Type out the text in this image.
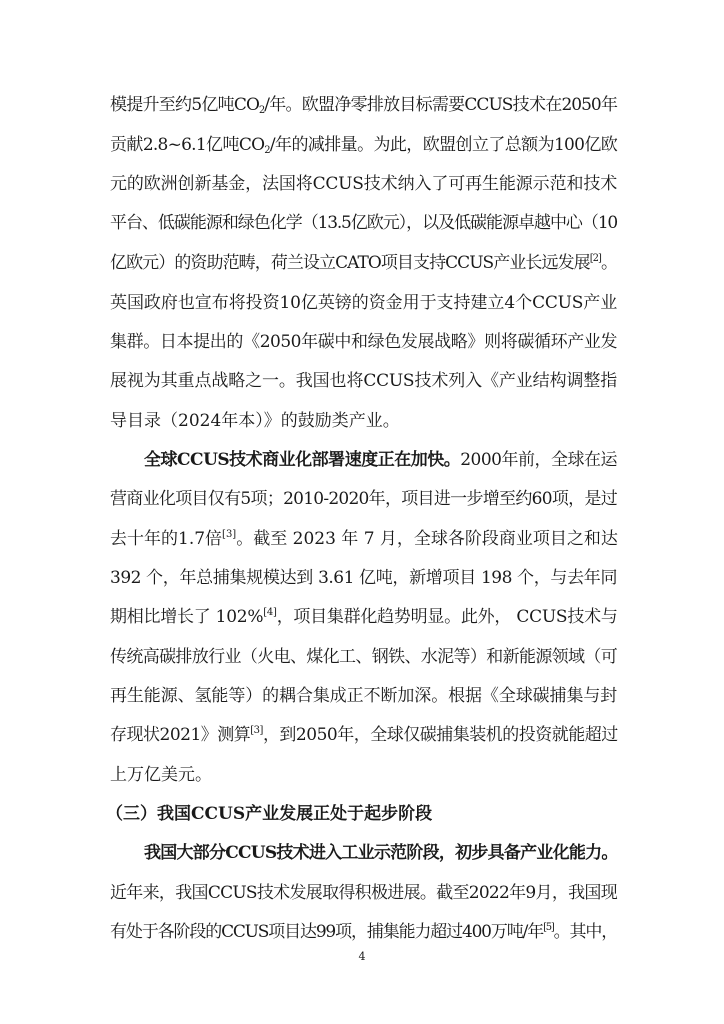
模提升至约5亿吨$CO_2/$年。欧盟净零排放目标需要CCUS技术在2050年
贡献2.8~6.1亿吨$CO_2/$年的减排量。为此，欧盟创立了总额为100亿欧
元的欧洲创新基金，法国将CCUS技术纳入了可再生能源示范和技术
平台、低碳能源和绿色化学（13.5亿欧元），以及低碳能源卓越中心（10
亿欧元）的资助范畴，荷兰设立CATO项目支持CCUS产业长远发展[2]。
英国政府也宣布将投资10亿英镑的资金用于支持建立4个CCUS产业
集群。日本提出的《2050年碳中和绿色发展战略》则将碳循环产业发
展视为其重点战略之一。我国也将CCUS技术列入《产业结构调整指
导目录（2024年本）》的鼓励类产业。
全球CCUS技术商业化部署速度正在加快。2000年前，全球在运
营商业化项目仅有5项；2010-2020年，项目进一步增至约60项，是过
去十年的1.7倍[3]。截至 2023 年 7 月，全球各阶段商业项目之和达
392 个，年总捕集规模达到 3.61 亿吨，新增项目 198 个，与去年同
期相比增长了 102%[4]，项目集群化趋势明显。此外， CCUS技术与
传统高碳排放行业（火电、煤化工、钢铁、水泥等）和新能源领域（可
再生能源、氢能等）的耦合集成正不断加深。根据《全球碳捕集与封
存现状2021》测算[3]，到2050年，全球仅碳捕集装机的投资就能超过
上万亿美元。
（三）我国CCUS产业发展正处于起步阶段
我国大部分CCUS技术进入工业示范阶段，初步具备产业化能力。
近年来，我国CCUS技术发展取得积极进展。截至2022年9月，我国现
有处于各阶段的CCUS项目达99项，捕集能力超过400万吨/年[5]。其中，
4
